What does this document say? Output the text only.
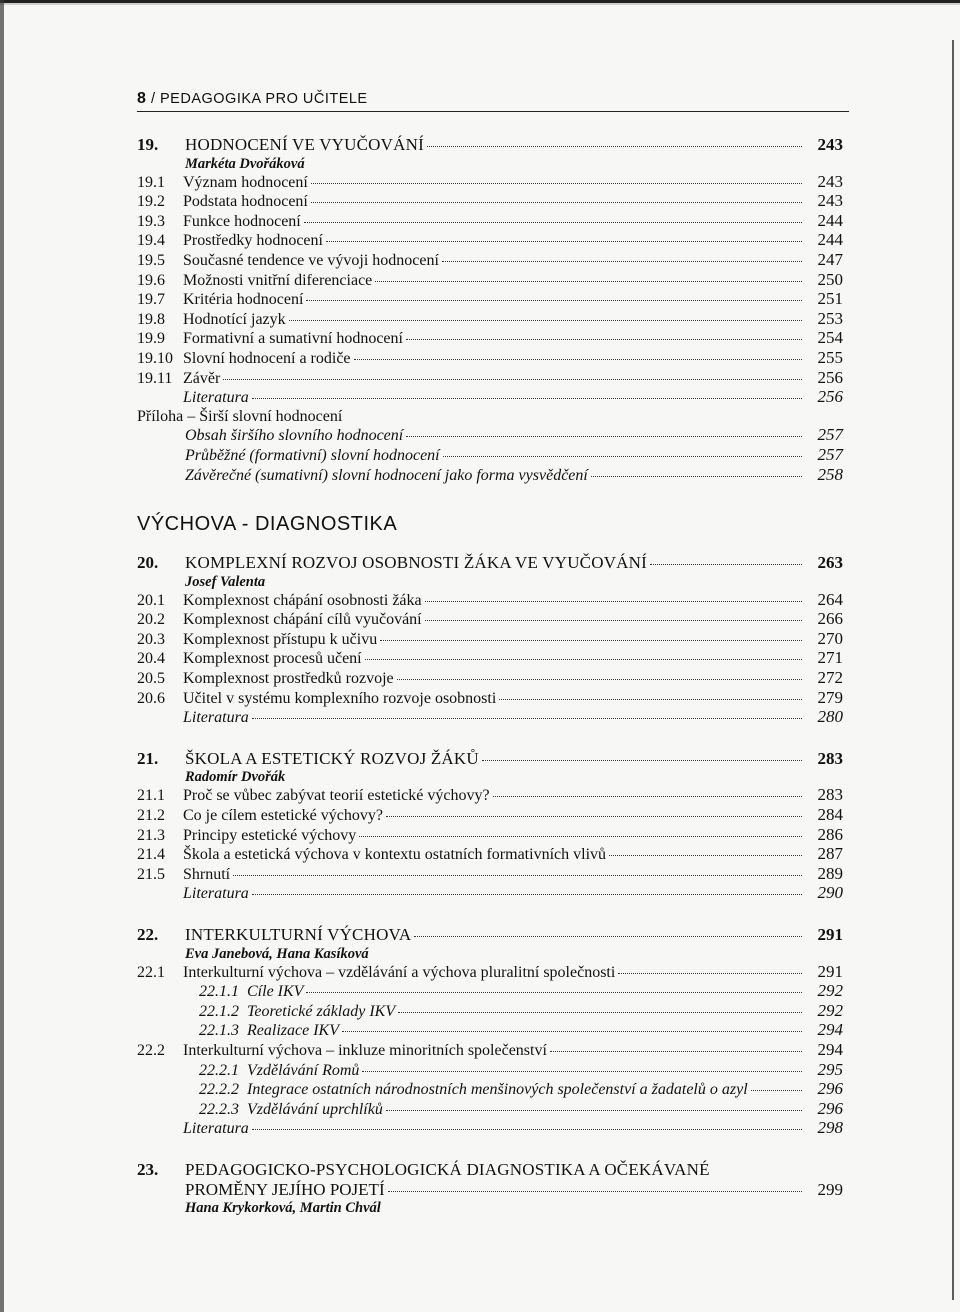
8 / PEDAGOGIKA PRO UČITELE
19.	HODNOCENÍ VE VYUČOVÁNÍ	243
Markéta Dvořáková
19.1	Význam hodnocení	243
19.2	Podstata hodnocení	243
19.3	Funkce hodnocení	244
19.4	Prostředky hodnocení	244
19.5	Současné tendence ve vývoji hodnocení	247
19.6	Možnosti vnitřní diferenciace	250
19.7	Kritéria hodnocení	251
19.8	Hodnotící jazyk	253
19.9	Formativní a sumativní hodnocení	254
19.10 Slovní hodnocení a rodiče	255
19.11 Závěr	256
Literatura	256
Příloha – Širší slovní hodnocení
Obsah širšího slovního hodnocení	257
Průběžné (formativní) slovní hodnocení	257
Závěrečné (sumativní) slovní hodnocení jako forma vysvědčení	258
VÝCHOVA - DIAGNOSTIKA
20.	KOMPLEXNÍ ROZVOJ OSOBNOSTI ŽÁKA VE VYUČOVÁNÍ	263
Josef Valenta
20.1	Komplexnost chápání osobnosti žáka	264
20.2	Komplexnost chápání cílů vyučování	266
20.3	Komplexnost přístupu k učivu	270
20.4	Komplexnost procesů učení	271
20.5	Komplexnost prostředků rozvoje	272
20.6	Učitel v systému komplexního rozvoje osobnosti	279
Literatura	280
21.	ŠKOLA A ESTETICKÝ ROZVOJ ŽÁKŮ	283
Radomír Dvořák
21.1	Proč se vůbec zabývat teorií estetické výchovy?	283
21.2	Co je cílem estetické výchovy?	284
21.3	Principy estetické výchovy	286
21.4	Škola a estetická výchova v kontextu ostatních formativních vlivů	287
21.5	Shrnutí	289
Literatura	290
22.	INTERKULTURNÍ VÝCHOVA	291
Eva Janebová, Hana Kasíková
22.1	Interkulturní výchova – vzdělávání a výchova pluralitní společnosti	291
22.1.1 Cíle IKV	292
22.1.2 Teoretické základy IKV	292
22.1.3 Realizace IKV	294
22.2	Interkulturní výchova – inkluze minoritních společenství	294
22.2.1 Vzdělávání Romů	295
22.2.2 Integrace ostatních národnostních menšinových společenství a žadatelů o azyl	296
22.2.3 Vzdělávání uprchlíků	296
Literatura	298
23.	PEDAGOGICKO-PSYCHOLOGICKÁ DIAGNOSTIKA A OČEKÁVANÉ
PROMĚNY JEJÍHO POJETÍ	299
Hana Krykorková, Martin Chvál
